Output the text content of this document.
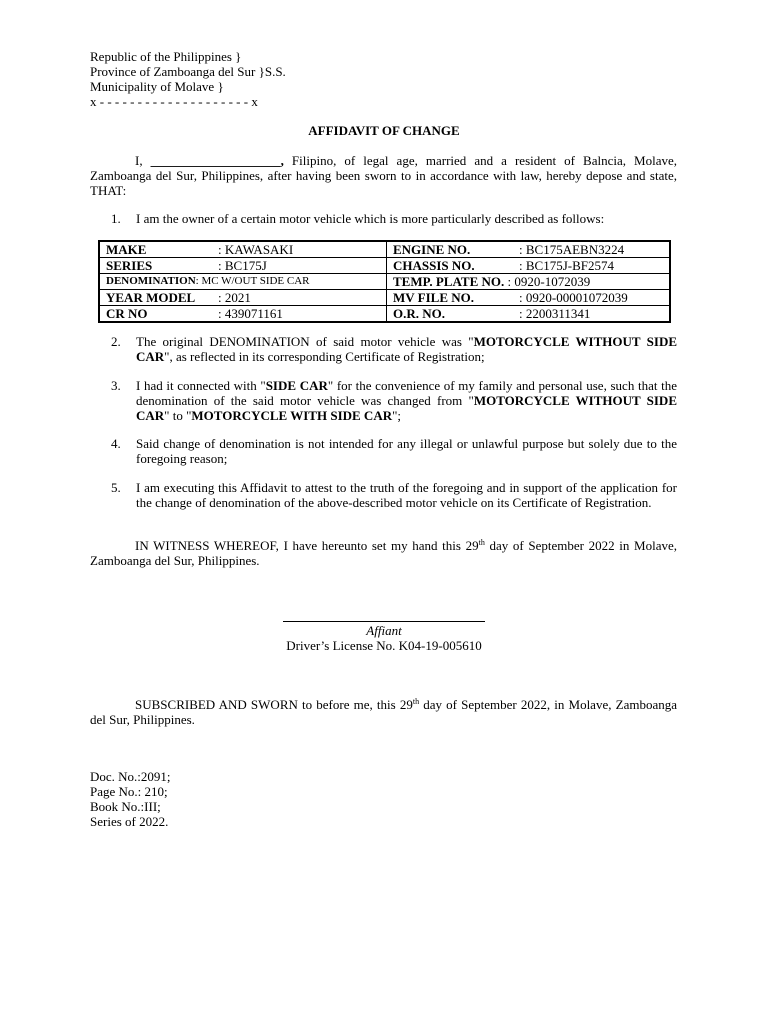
Republic of the Philippines }
Province of Zamboanga del Sur }S.S.
Municipality of Molave }
x - - - - - - - - - - - - - - - - - - - - x
AFFIDAVIT OF CHANGE
I, ____________________, Filipino, of legal age, married and a resident of Balncia, Molave, Zamboanga del Sur, Philippines, after having been sworn to in accordance with law, hereby depose and state, THAT:
1. I am the owner of a certain motor vehicle which is more particularly described as follows:
MAKE : KAWASAKI	ENGINE NO. : BC175AEBN3224
SERIES : BC175J	CHASSIS NO. : BC175J-BF2574
DENOMINATION: MC W/OUT SIDE CAR	TEMP. PLATE NO. : 0920-1072039
YEAR MODEL : 2021	MV FILE NO. : 0920-00001072039
CR NO : 439071161	O.R. NO. : 2200311341
2. The original DENOMINATION of said motor vehicle was "MOTORCYCLE WITHOUT SIDE CAR", as reflected in its corresponding Certificate of Registration;
3. I had it connected with "SIDE CAR" for the convenience of my family and personal use, such that the denomination of the said motor vehicle was changed from "MOTORCYCLE WITHOUT SIDE CAR" to "MOTORCYCLE WITH SIDE CAR";
4. Said change of denomination is not intended for any illegal or unlawful purpose but solely due to the foregoing reason;
5. I am executing this Affidavit to attest to the truth of the foregoing and in support of the application for the change of denomination of the above-described motor vehicle on its Certificate of Registration.
IN WITNESS WHEREOF, I have hereunto set my hand this 29th day of September 2022 in Molave, Zamboanga del Sur, Philippines.
Affiant
Driver’s License No. K04-19-005610
SUBSCRIBED AND SWORN to before me, this 29th day of September 2022, in Molave, Zamboanga del Sur, Philippines.
Doc. No.:2091;
Page No.: 210;
Book No.:III;
Series of 2022.
